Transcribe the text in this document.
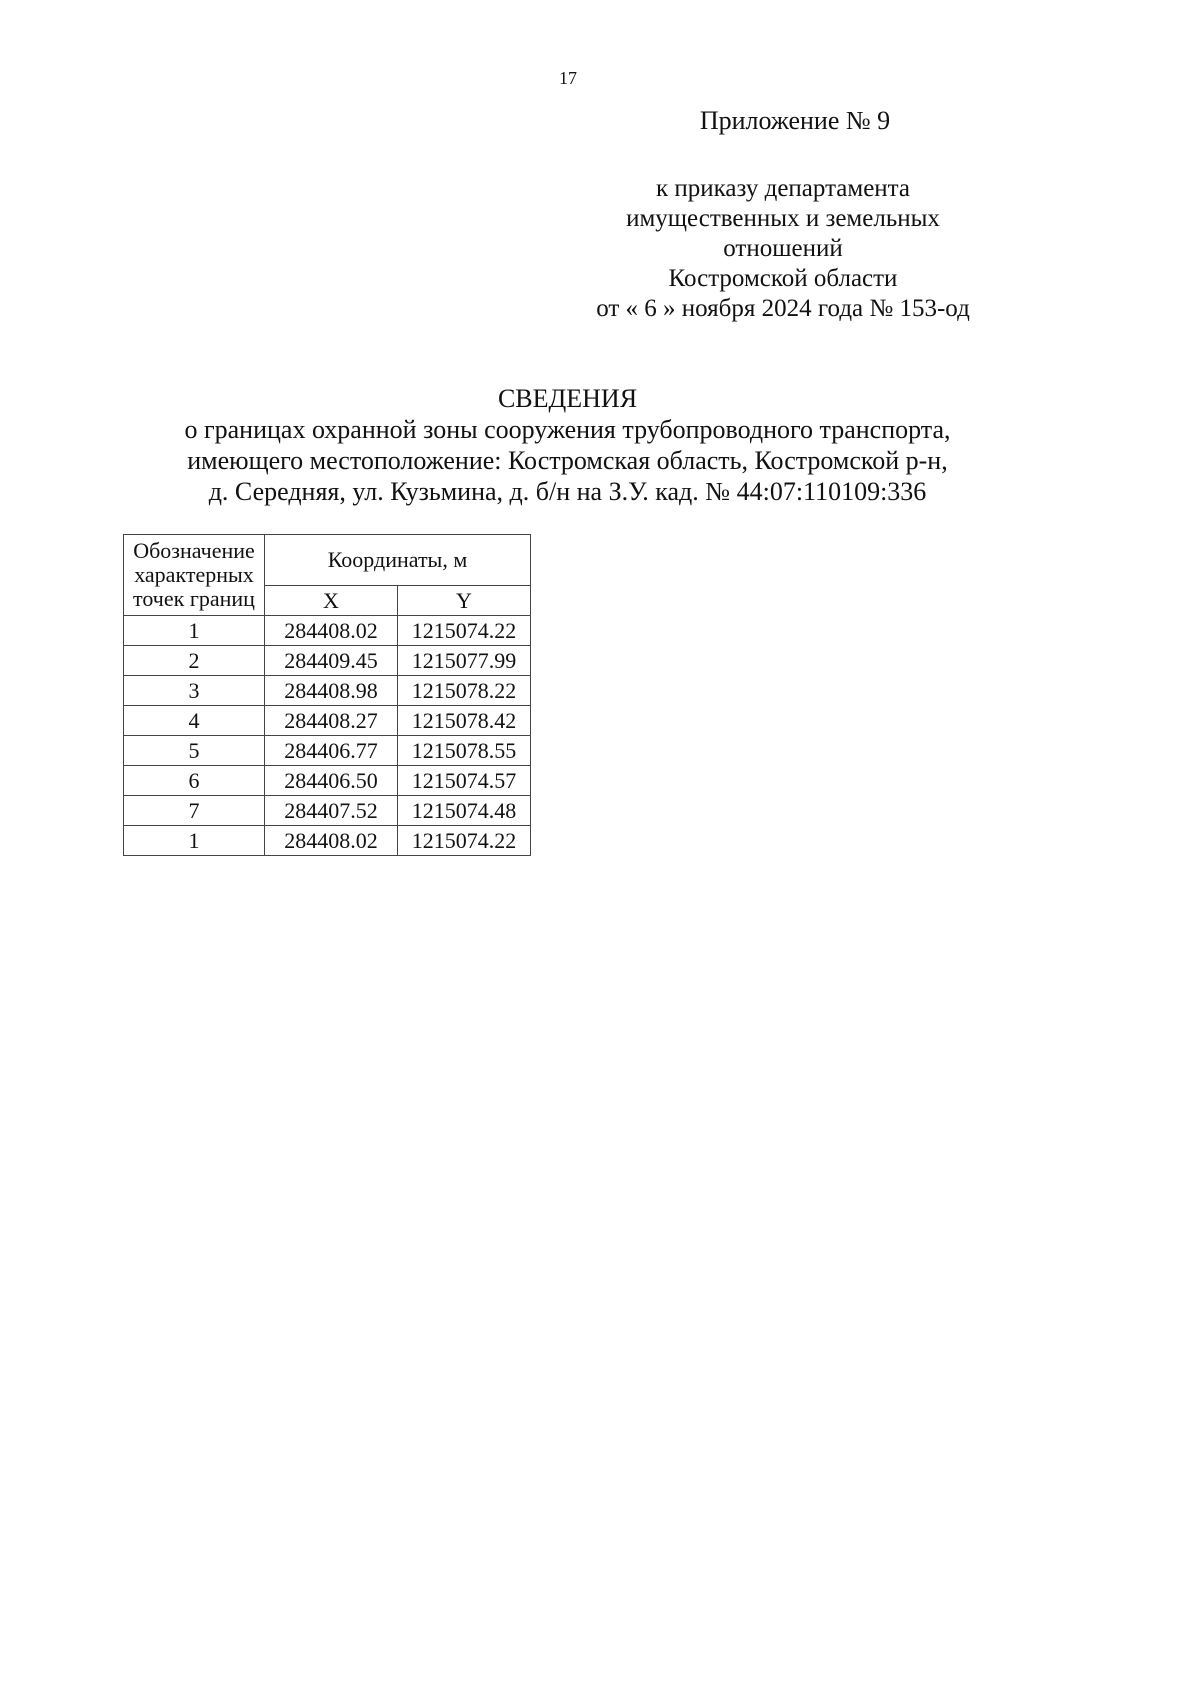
17
Приложение № 9
к приказу департамента
имущественных и земельных
отношений
Костромской области
от « 6 » ноября 2024 года № 153-од
СВЕДЕНИЯ
о границах охранной зоны сооружения трубопроводного транспорта,
имеющего местоположение: Костромская область, Костромской р-н,
д. Середняя, ул. Кузьмина, д. б/н на З.У. кад. № 44:07:110109:336
Обозначение
характерных
точек границ	Координаты, м	
	X	Y
1	284408.02	1215074.22
2	284409.45	1215077.99
3	284408.98	1215078.22
4	284408.27	1215078.42
5	284406.77	1215078.55
6	284406.50	1215074.57
7	284407.52	1215074.48
1	284408.02	1215074.22
